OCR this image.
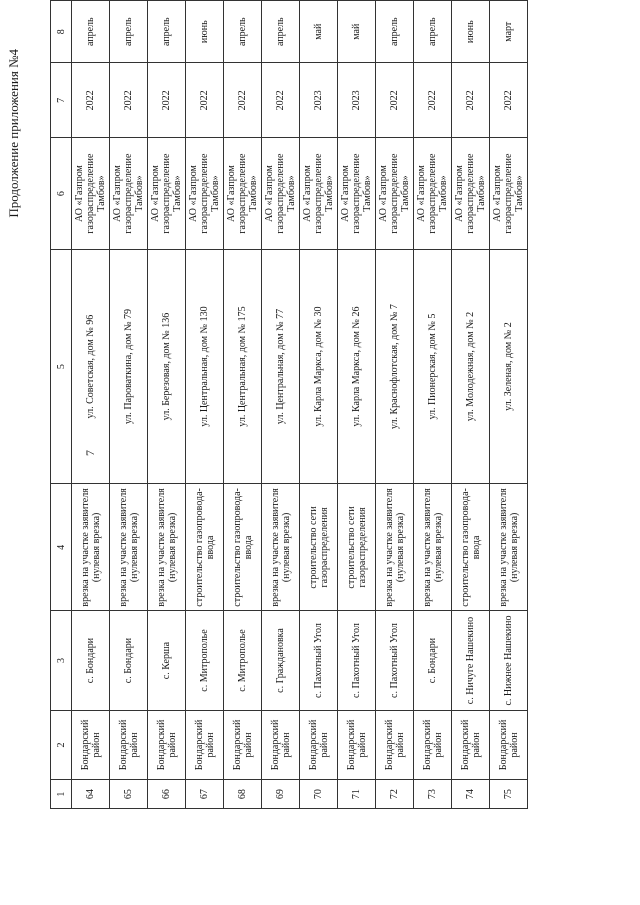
7
Продолжение приложения №4
1	2	3	4	5	6	7	8
64	Бондарский район	с. Бондари	врезка на участке заявителя (нулевая врезка)	ул. Советская, дом № 96	АО «Газпром газораспределение Тамбов»	2022	апрель
65	Бондарский район	с. Бондари	врезка на участке заявителя (нулевая врезка)	ул. Пароваткина, дом № 79	АО «Газпром газораспределение Тамбов»	2022	апрель
66	Бондарский район	с. Керша	врезка на участке заявителя (нулевая врезка)	ул. Березовая, дом № 136	АО «Газпром газораспределение Тамбов»	2022	апрель
67	Бондарский район	с. Митрополье	строительство газопровода-ввода	ул. Центральная, дом № 130	АО «Газпром газораспределение Тамбов»	2022	июнь
68	Бондарский район	с. Митрополье	строительство газопровода-ввода	ул. Центральная, дом № 175	АО «Газпром газораспределение Тамбов»	2022	апрель
69	Бондарский район	с. Граждановка	врезка на участке заявителя (нулевая врезка)	ул. Центральная, дом № 77	АО «Газпром газораспределение Тамбов»	2022	апрель
70	Бондарский район	с. Пахотный Угол	строительство сети газораспределения	ул. Карла Маркса, дом № 30	АО «Газпром газораспределение Тамбов»	2023	май
71	Бондарский район	с. Пахотный Угол	строительство сети газораспределения	ул. Карла Маркса, дом № 26	АО «Газпром газораспределение Тамбов»	2023	май
72	Бондарский район	с. Пахотный Угол	врезка на участке заявителя (нулевая врезка)	ул. Краснофлотская, дом № 7	АО «Газпром газораспределение Тамбов»	2022	апрель
73	Бондарский район	с. Бондари	врезка на участке заявителя (нулевая врезка)	ул. Пионерская, дом № 5	АО «Газпром газораспределение Тамбов»	2022	апрель
74	Бондарский район	с. Ничуге Нашекино	строительство газопровода-ввода	ул. Молодежная, дом № 2	АО «Газпром газораспределение Тамбов»	2022	июнь
75	Бондарский район	с. Нижнее Нашекино	врезка на участке заявителя (нулевая врезка)	ул. Зеленая, дом № 2	АО «Газпром газораспределение Тамбов»	2022	март
